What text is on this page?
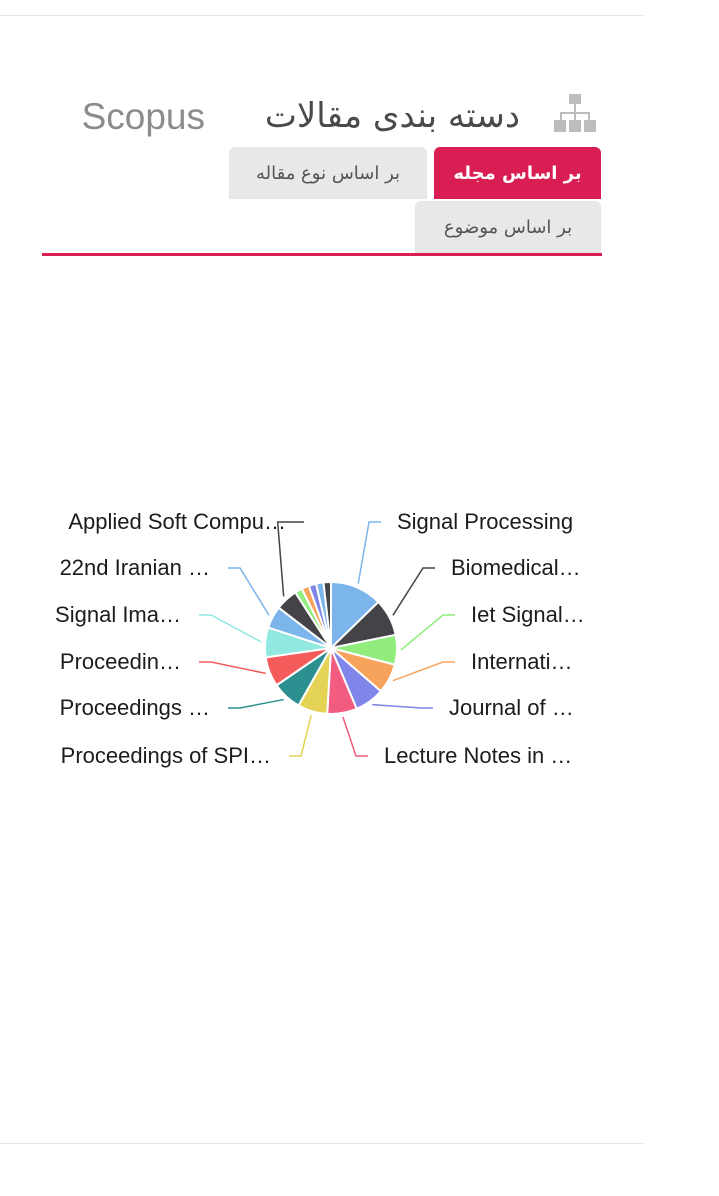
دسته بندی مقالات
Scopus
بر اساس مجله
بر اساس نوع مقاله
بر اساس موضوع
Signal Processing
Biomedical…
Iet Signal…
Internati…
Journal of …
Lecture Notes in …
Proceedings of SPI…
Proceedings …
Proceedin…
Signal Ima…
22nd Iranian …
Applied Soft Compu…
